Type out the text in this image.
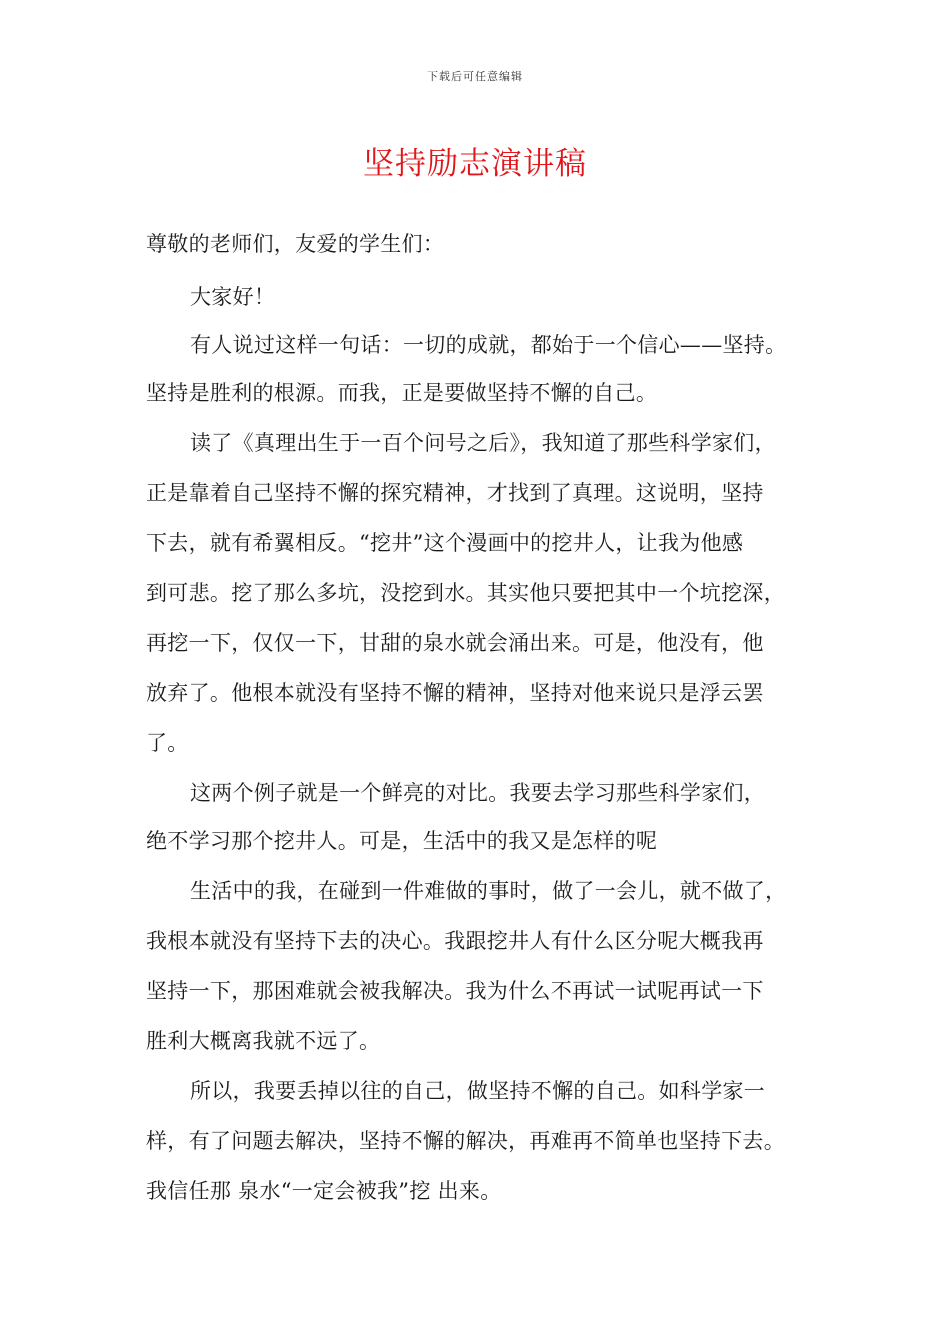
下载后可任意编辑
坚持励志演讲稿
尊敬的老师们，友爱的学生们：
大家好！
有人说过这样一句话：一切的成就，都始于一个信心——坚持。
坚持是胜利的根源。而我，正是要做坚持不懈的自己。
读了《真理出生于一百个问号之后》，我知道了那些科学家们，
正是靠着自己坚持不懈的探究精神，才找到了真理。这说明，坚持
下去，就有希翼相反。“挖井”这个漫画中的挖井人，让我为他感
到可悲。挖了那么多坑，没挖到水。其实他只要把其中一个坑挖深，
再挖一下，仅仅一下，甘甜的泉水就会涌出来。可是，他没有，他
放弃了。他根本就没有坚持不懈的精神，坚持对他来说只是浮云罢
了。
这两个例子就是一个鲜亮的对比。我要去学习那些科学家们，
绝不学习那个挖井人。可是，生活中的我又是怎样的呢
生活中的我，在碰到一件难做的事时，做了一会儿，就不做了，
我根本就没有坚持下去的决心。我跟挖井人有什么区分呢大概我再
坚持一下，那困难就会被我解决。我为什么不再试一试呢再试一下
胜利大概离我就不远了。
所以，我要丢掉以往的自己，做坚持不懈的自己。如科学家一
样，有了问题去解决，坚持不懈的解决，再难再不简单也坚持下去。
我信任那 泉水“一定会被我”挖 出来。
